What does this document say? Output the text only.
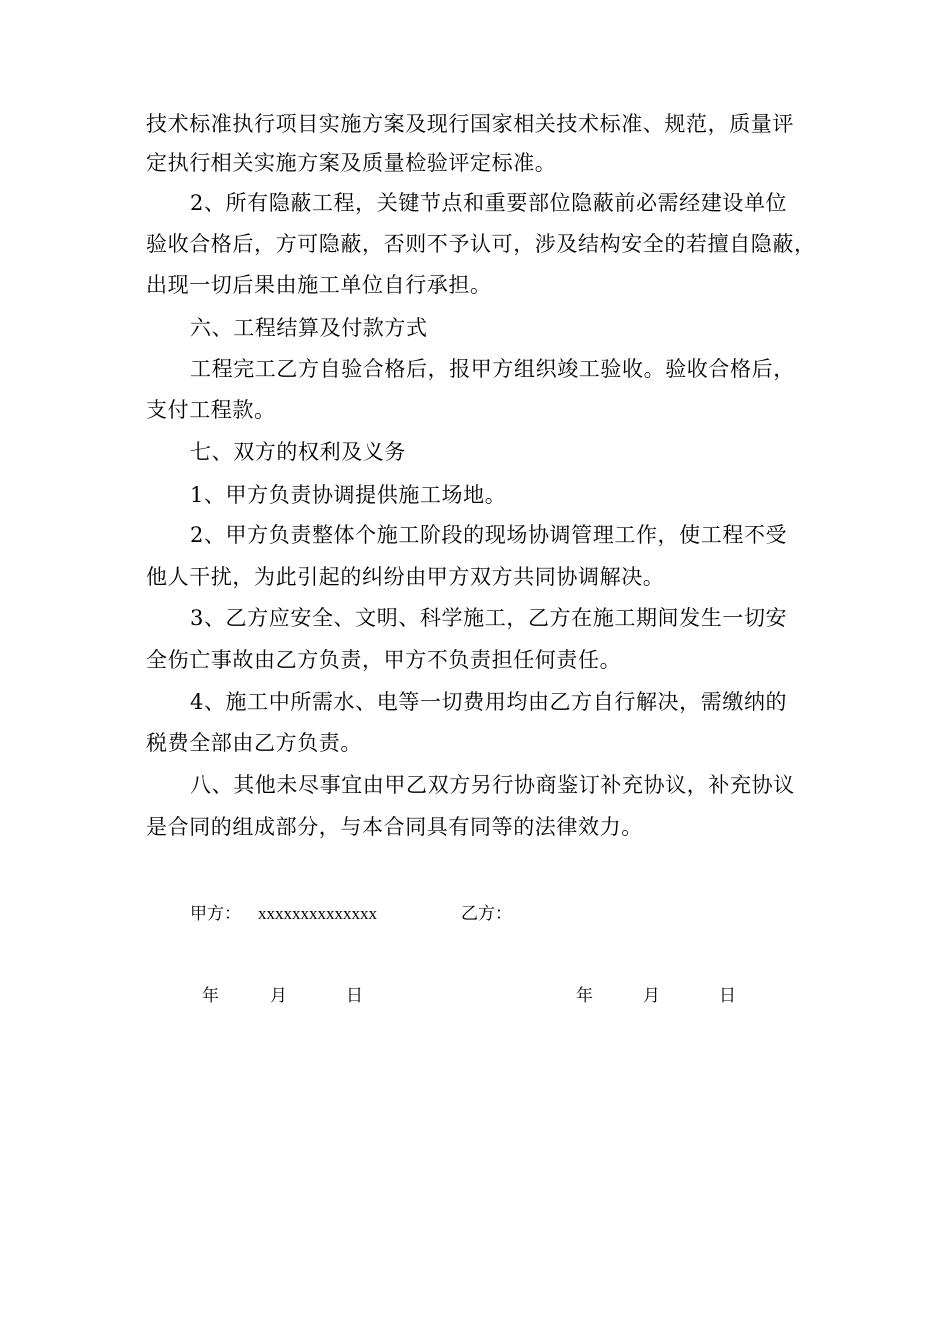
技术标准执行项目实施方案及现行国家相关技术标准、规范，质量评
定执行相关实施方案及质量检验评定标准。
2、所有隐蔽工程，关键节点和重要部位隐蔽前必需经建设单位
验收合格后，方可隐蔽，否则不予认可，涉及结构安全的若擅自隐蔽，
出现一切后果由施工单位自行承担。
六、工程结算及付款方式
工程完工乙方自验合格后，报甲方组织竣工验收。验收合格后，
支付工程款。
七、双方的权利及义务
1、甲方负责协调提供施工场地。
2、甲方负责整体个施工阶段的现场协调管理工作，使工程不受
他人干扰，为此引起的纠纷由甲方双方共同协调解决。
3、乙方应安全、文明、科学施工，乙方在施工期间发生一切安
全伤亡事故由乙方负责，甲方不负责担任何责任。
4、施工中所需水、电等一切费用均由乙方自行解决，需缴纳的
税费全部由乙方负责。
八、其他未尽事宜由甲乙双方另行协商鉴订补充协议，补充协议
是合同的组成部分，与本合同具有同等的法律效力。
甲方： xxxxxxxxxxxxxx	乙方：
年	月	日	年	月	日
